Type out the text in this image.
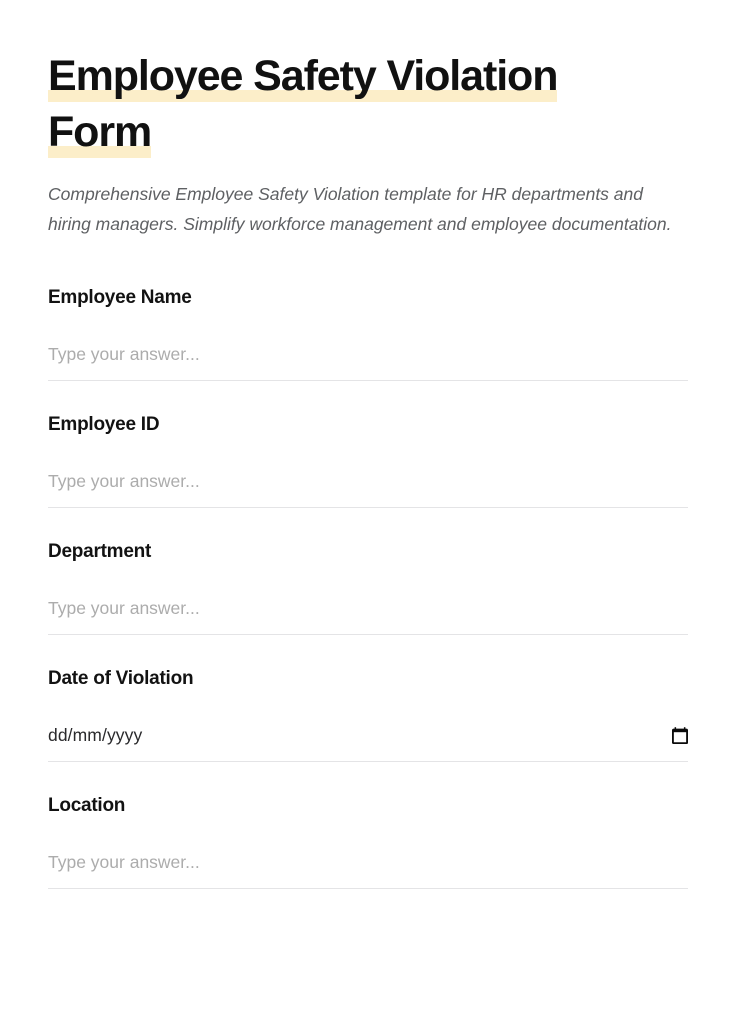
Employee Safety Violation
Form

Comprehensive Employee Safety Violation template for HR departments and hiring managers. Simplify workforce management and employee documentation.

Employee Name
Type your answer...
Employee ID
Type your answer...
Department
Type your answer...
Date of Violation
dd/mm/yyyy
Location
Type your answer...
